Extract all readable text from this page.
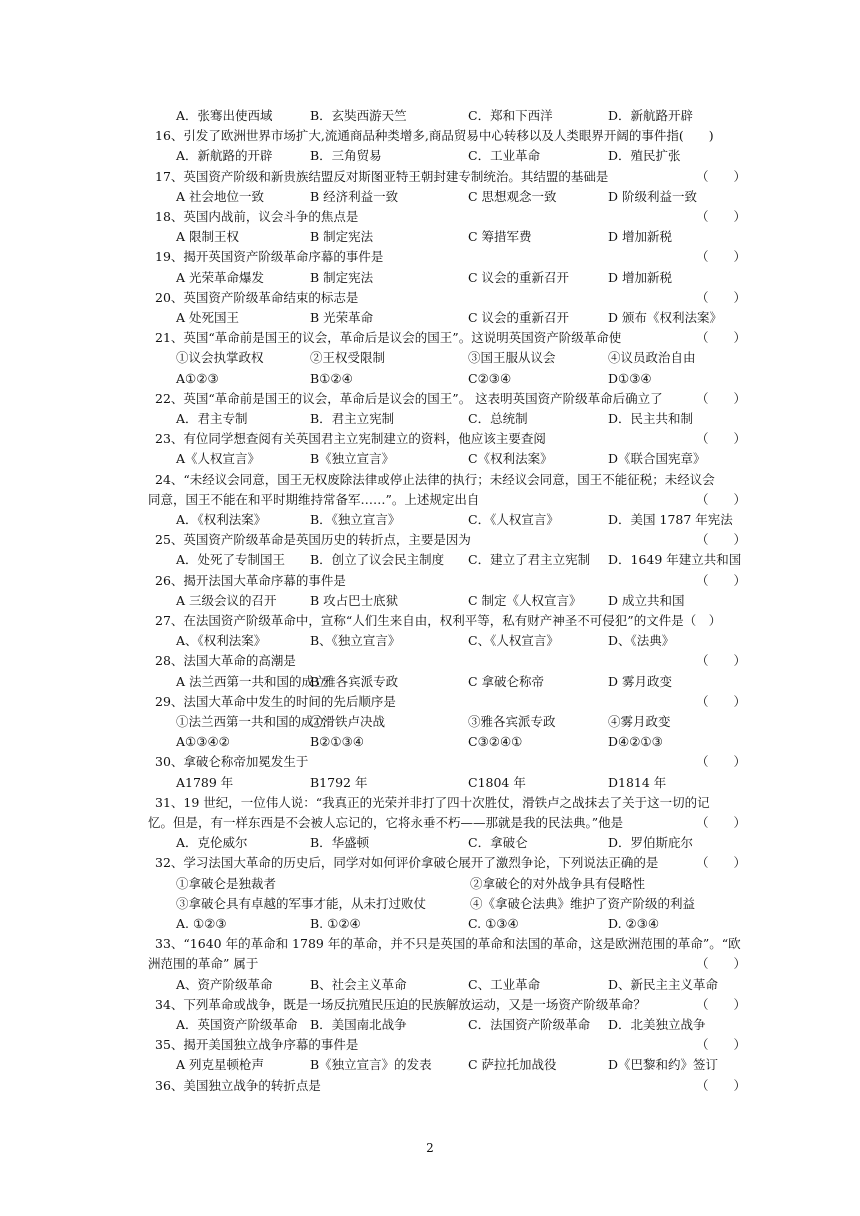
A．张骞出使西域	B．玄奘西游天竺	C．郑和下西洋	D．新航路开辟
16、引发了欧洲世界市场扩大,流通商品种类增多,商品贸易中心转移以及人类眼界开阔的事件指(　　)
A．新航路的开辟	B．三角贸易	C．工业革命	D．殖民扩张
17、英国资产阶级和新贵族结盟反对斯图亚特王朝封建专制统治。其结盟的基础是	（　　）
A 社会地位一致	B 经济利益一致	C 思想观念一致	D 阶级利益一致
18、英国内战前，议会斗争的焦点是	（　　）
A 限制王权	B 制定宪法	C 筹措军费	D 增加新税
19、揭开英国资产阶级革命序幕的事件是	（　　）
A 光荣革命爆发	B 制定宪法	C 议会的重新召开	D 增加新税
20、英国资产阶级革命结束的标志是	（　　）
A 处死国王	B 光荣革命	C 议会的重新召开	D 颁布《权利法案》
21、英国“革命前是国王的议会，革命后是议会的国王”。这说明英国资产阶级革命使	（　　）
①议会执掌政权	②王权受限制	③国王服从议会	④议员政治自由
A①②③	B①②④	C②③④	D①③④
22、英国“革命前是国王的议会，革命后是议会的国王”。 这表明英国资产阶级革命后确立了	（　　）
A．君主专制	B．君主立宪制	C．总统制	D．民主共和制
23、有位同学想查阅有关英国君主立宪制建立的资料，他应该主要查阅	（　　）
A《人权宣言》	B《独立宣言》	C《权利法案》	D《联合国宪章》
24、“未经议会同意，国王无权废除法律或停止法律的执行；未经议会同意，国王不能征税；未经议会
同意，国王不能在和平时期维持常备军……”。上述规定出自	（　　）
A．《权利法案》	B．《独立宣言》	C．《人权宣言》	D．美国 1787 年宪法
25、英国资产阶级革命是英国历史的转折点，主要是因为	（　　）
A．处死了专制国王 B．创立了议会民主制度 C．建立了君主立宪制 D．1649 年建立共和国
26、揭开法国大革命序幕的事件是	（　　）
A 三级会议的召开	B 攻占巴士底狱	C 制定《人权宣言》 D 成立共和国
27、在法国资产阶级革命中，宣称“人们生来自由，权利平等，私有财产神圣不可侵犯”的文件是（　）
A、《权利法案》	B、《独立宣言》	C、《人权宣言》	D、《法典》
28、法国大革命的高潮是	（　　）
A 法兰西第一共和国的成立
B 雅各宾派专政	C 拿破仑称帝	D 雾月政变
29、法国大革命中发生的时间的先后顺序是	（　　）
①法兰西第一共和国的成立
②滑铁卢决战	③雅各宾派专政	④雾月政变
A①③④②	B②①③④	C③②④①	D④②①③
30、拿破仑称帝加冕发生于	（　　）
A1789 年	B1792 年	C1804 年	D1814 年
31、19 世纪，一位伟人说：“我真正的光荣并非打了四十次胜仗，滑铁卢之战抹去了关于这一切的记
忆。但是，有一样东西是不会被人忘记的，它将永垂不朽——那就是我的民法典。”他是	（　　）
A．克伦威尔	B．华盛顿	C．拿破仑	D．罗伯斯庇尔
32、学习法国大革命的历史后，同学对如何评价拿破仑展开了激烈争论，下列说法正确的是	（　　）
①拿破仑是独裁者	②拿破仑的对外战争具有侵略性
③拿破仑具有卓越的军事才能，从未打过败仗	④《拿破仑法典》维护了资产阶级的利益
A. ①②③	B. ①②④	C. ①③④	D. ②③④
33、“1640 年的革命和 1789 年的革命，并不只是英国的革命和法国的革命，这是欧洲范围的革命”。“欧
洲范围的革命” 属于	（　　）
A、资产阶级革命	B、社会主义革命	C、工业革命	D、新民主主义革命
34、下列革命或战争，既是一场反抗殖民压迫的民族解放运动，又是一场资产阶级革命？	（　　）
A．英国资产阶级革命 B．美国南北战争	C．法国资产阶级革命 D．北美独立战争
35、揭开美国独立战争序幕的事件是	（　　）
A 列克星顿枪声	B《独立宣言》的发表	C 萨拉托加战役	D《巴黎和约》签订
36、美国独立战争的转折点是	（　　）
2
